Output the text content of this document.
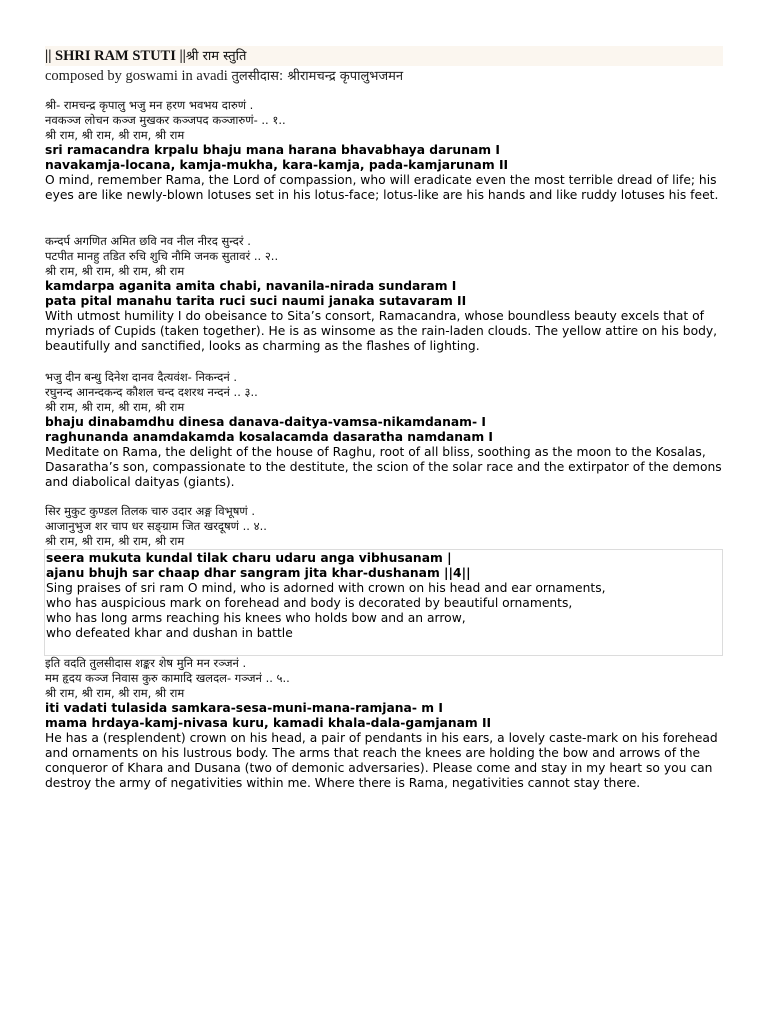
|| SHRI RAM STUTI ||श्री राम स्तुति
composed by goswami in avadi तुलसीदास: श्रीरामचन्द्र कृपालुभजमन
श्री- रामचन्द्र कृपालु भजु मन हरण भवभय दारुणं .
नवकञ्ज लोचन कञ्ज मुखकर कञ्जपद कञ्जारुणं- .. १..
श्री राम, श्री राम, श्री राम, श्री राम
sri ramacandra krpalu bhaju mana harana bhavabhaya darunam I
navakamja-locana, kamja-mukha, kara-kamja, pada-kamjarunam II
O mind, remember Rama, the Lord of compassion, who will eradicate even the most terrible dread of life; his eyes are like newly-blown lotuses set in his lotus-face; lotus-like are his hands and like ruddy lotuses his feet.
कन्दर्प अगणित अमित छवि नव नील नीरद सुन्दरं .
पटपीत मानहु तडित रुचि शुचि नौमि जनक सुतावरं .. २..
श्री राम, श्री राम, श्री राम, श्री राम
kamdarpa aganita amita chabi, navanila-nirada sundaram I
pata pital manahu tarita ruci suci naumi janaka sutavaram II
With utmost humility I do obeisance to Sita’s consort, Ramacandra, whose boundless beauty excels that of myriads of Cupids (taken together). He is as winsome as the rain-laden clouds. The yellow attire on his body, beautifully and sanctified, looks as charming as the flashes of lighting.
भजु दीन बन्धु दिनेश दानव दैत्यवंश- निकन्दनं .
रघुनन्द आनन्दकन्द कौशल चन्द दशरथ नन्दनं .. ३..
श्री राम, श्री राम, श्री राम, श्री राम
bhaju dinabamdhu dinesa danava-daitya-vamsa-nikamdanam- I
raghunanda anamdakamda kosalacamda dasaratha namdanam I
Meditate on Rama, the delight of the house of Raghu, root of all bliss, soothing as the moon to the Kosalas, Dasaratha’s son, compassionate to the destitute, the scion of the solar race and the extirpator of the demons and diabolical daityas (giants).
सिर मुकुट कुण्डल तिलक चारु उदार अङ्ग विभूषणं .
आजानुभुज शर चाप धर सङ्ग्राम जित खरदूषणं .. ४..
श्री राम, श्री राम, श्री राम, श्री राम
seera mukuta kundal tilak charu udaru anga vibhusanam |
ajanu bhujh sar chaap dhar sangram jita khar-dushanam ||4||
Sing praises of sri ram O mind, who is adorned with crown on his head and ear ornaments,
who has auspicious mark on forehead and body is decorated by beautiful ornaments,
who has long arms reaching his knees who holds bow and an arrow,
who defeated khar and dushan in battle
इति वदति तुलसीदास शङ्कर शेष मुनि मन रञ्जनं .
मम हृदय कञ्ज निवास कुरु कामादि खलदल- गञ्जनं .. ५..
श्री राम, श्री राम, श्री राम, श्री राम
iti vadati tulasida samkara-sesa-muni-mana-ramjana- m I
mama hrdaya-kamj-nivasa kuru, kamadi khala-dala-gamjanam II
He has a (resplendent) crown on his head, a pair of pendants in his ears, a lovely caste-mark on his forehead and ornaments on his lustrous body. The arms that reach the knees are holding the bow and arrows of the conqueror of Khara and Dusana (two of demonic adversaries). Please come and stay in my heart so you can destroy the army of negativities within me. Where there is Rama, negativities cannot stay there.
